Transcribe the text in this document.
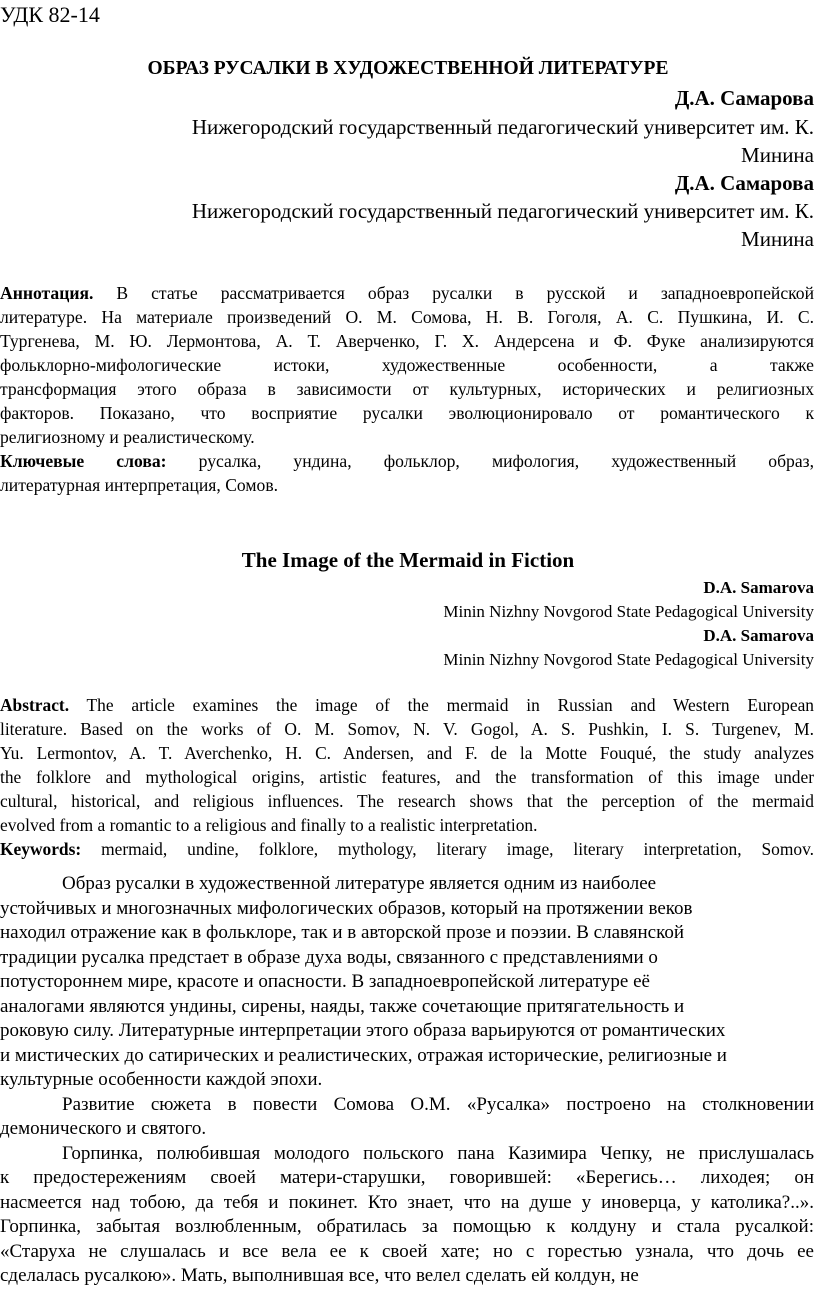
УДК 82-14
ОБРАЗ РУСАЛКИ В ХУДОЖЕСТВЕННОЙ ЛИТЕРАТУРЕ
Д.А. Самарова
Нижегородский государственный педагогический университет им. К.
Минина
Д.А. Самарова
Нижегородский государственный педагогический университет им. К.
Минина
Аннотация. В статье рассматривается образ русалки в русской и западноевропейской
литературе. На материале произведений О. М. Сомова, Н. В. Гоголя, А. С. Пушкина, И. С.
Тургенева, М. Ю. Лермонтова, А. Т. Аверченко, Г. Х. Андерсена и Ф. Фуке анализируются
фольклорно-мифологические истоки, художественные особенности, а также
трансформация этого образа в зависимости от культурных, исторических и религиозных
факторов. Показано, что восприятие русалки эволюционировало от романтического к
религиозному и реалистическому.
Ключевые слова: русалка, ундина, фольклор, мифология, художественный образ,
литературная интерпретация, Сомов.
The Image of the Mermaid in Fiction
D.A. Samarova
Minin Nizhny Novgorod State Pedagogical University
D.A. Samarova
Minin Nizhny Novgorod State Pedagogical University
Abstract. The article examines the image of the mermaid in Russian and Western European
literature. Based on the works of O. M. Somov, N. V. Gogol, A. S. Pushkin, I. S. Turgenev, M.
Yu. Lermontov, A. T. Averchenko, H. C. Andersen, and F. de la Motte Fouqué, the study analyzes
the folklore and mythological origins, artistic features, and the transformation of this image under
cultural, historical, and religious influences. The research shows that the perception of the mermaid
evolved from a romantic to a religious and finally to a realistic interpretation.
Keywords: mermaid, undine, folklore, mythology, literary image, literary interpretation, Somov.
Образ русалки в художественной литературе является одним из наиболее
устойчивых и многозначных мифологических образов, который на протяжении веков
находил отражение как в фольклоре, так и в авторской прозе и поэзии. В славянской
традиции русалка предстает в образе духа воды, связанного с представлениями о
потустороннем мире, красоте и опасности. В западноевропейской литературе её
аналогами являются ундины, сирены, наяды, также сочетающие притягательность и
роковую силу. Литературные интерпретации этого образа варьируются от романтических
и мистических до сатирических и реалистических, отражая исторические, религиозные и
культурные особенности каждой эпохи.
Развитие сюжета в повести Сомова О.М. «Русалка» построено на столкновении
демонического и святого.
Горпинка, полюбившая молодого польского пана Казимира Чепку, не прислушалась
к предостережениям своей матери-старушки, говорившей: «Берегись… лиходея; он
насмеется над тобою, да тебя и покинет. Кто знает, что на душе у иноверца, у католика?..».
Горпинка, забытая возлюбленным, обратилась за помощью к колдуну и стала русалкой:
«Старуха не слушалась и все вела ее к своей хате; но с горестью узнала, что дочь ее
сделалась русалкою». Мать, выполнившая все, что велел сделать ей колдун, не
